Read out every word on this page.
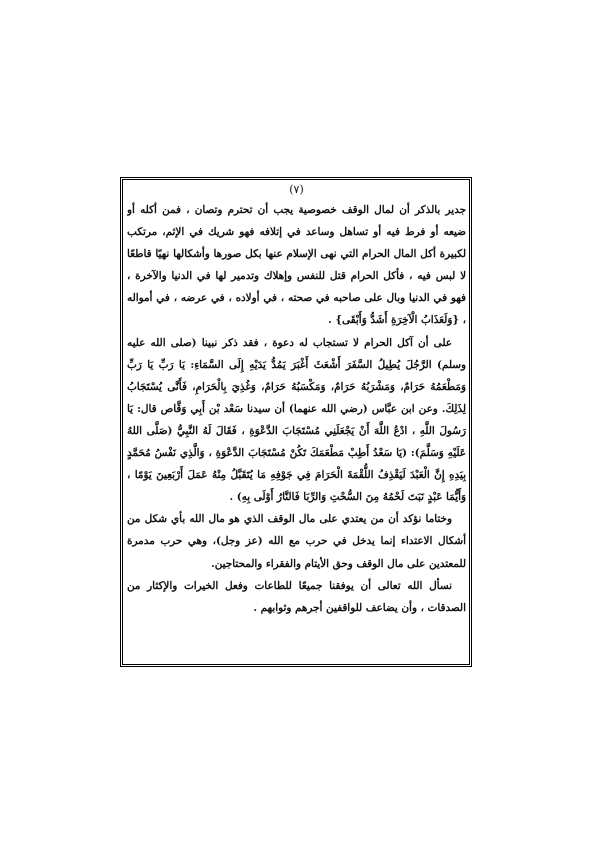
(٧)

جدير بالذكر أن لمال الوقف خصوصية يجب أن تحترم وتصان ، فمن أكله أو ضيعه أو فرط فيه أو تساهل وساعد في إتلافه فهو شريك في الإثم، مرتكب لكبيرة أكل المال الحرام التي نهى الإسلام عنها بكل صورها وأشكالها نهيًا قاطعًا لا لبس فيه ، فأكل الحرام قتل للنفس وإهلاك وتدمير لها في الدنيا والآخرة ، فهو في الدنيا وبال على صاحبه في صحته ، في أولاده ، في عرضه ، في أمواله ، {وَلَعَذَابُ الْآخِرَةِ أَشَدُّ وَأَبْقَى} .

على أن آكل الحرام لا تستجاب له دعوة ، فقد ذكر نبينا (صلى الله عليه وسلم) الرَّجُلَ يُطِيلُ السَّفَرَ أَشْعَثَ أَغْبَرَ يَمُدُّ يَدَيْهِ إِلَى السَّمَاءِ: يَا رَبِّ يَا رَبِّ وَمَطْعَمُهُ حَرَامٌ، وَمَشْرَبُهُ حَرَامٌ، وَمَكْسَبُهُ حَرَامٌ، وَغُذِيَ بِالْحَرَامِ، فَأَنَّى يُسْتَجَابُ لِذَلِكَ. وعن ابن عبَّاس (رضي الله عنهما) أن سيدنا سَعْد بْن أَبِي وَقَّاص قال: يَا رَسُولَ اللَّهِ ، ادْعُ اللَّهَ أَنْ يَجْعَلَنِي مُسْتَجَابَ الدَّعْوَةِ ، فَقَالَ لَهُ النَّبِيُّ (صَلَّى اللهُ عَلَيْهِ وَسَلَّمَ): (يَا سَعْدُ أَطِبْ مَطْعَمَكَ تَكُنْ مُسْتَجَابَ الدَّعْوَةِ ، وَالَّذِي نَفْسُ مُحَمَّدٍ بِيَدِهِ إِنَّ الْعَبْدَ لَيَقْذِفُ اللُّقْمَةَ الْحَرَامَ فِي جَوْفِهِ مَا يُتَقَبَّلُ مِنْهُ عَمَلَ أَرْبَعِينَ يَوْمًا ، وَأَيُّمَا عَبْدٍ نَبَتَ لَحْمُهُ مِنَ السُّحْتِ وَالرِّبَا فَالنَّارُ أَوْلَى بِهِ) .

وختاما نؤكد أن من يعتدي على مال الوقف الذي هو مال الله بأي شكل من أشكال الاعتداء إنما يدخل في حرب مع الله (عز وجل)، وهي حرب مدمرة للمعتدين على مال الوقف وحق الأيتام والفقراء والمحتاجين.

نسأل الله تعالى أن يوفقنا جميعًا للطاعات وفعل الخيرات والإكثار من الصدقات ، وأن يضاعف للواقفين أجرهم وثوابهم .
